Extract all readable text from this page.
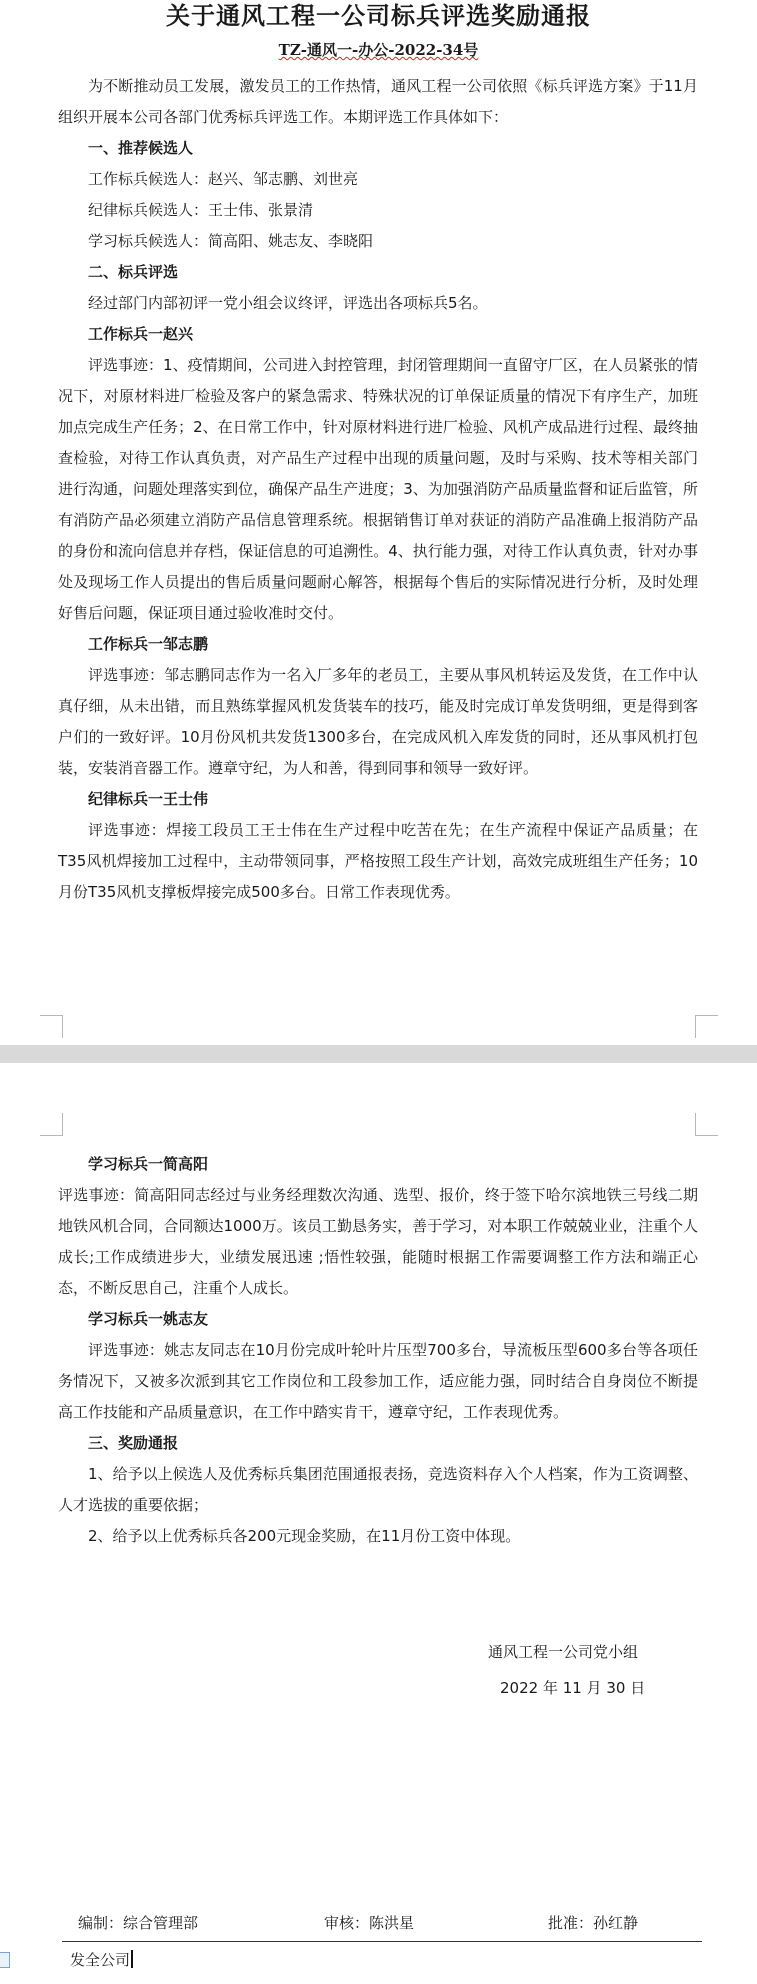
关于通风工程一公司标兵评选奖励通报
TZ-通风一-办公-2022-34号

为不断推动员工发展，激发员工的工作热情，通风工程一公司依照《标兵评选方案》于11月组织开展本公司各部门优秀标兵评选工作。本期评选工作具体如下：

一、推荐候选人

工作标兵候选人：赵兴、邹志鹏、刘世亮

纪律标兵候选人：王士伟、张景清

学习标兵候选人：简高阳、姚志友、李晓阳

二、标兵评选

经过部门内部初评一党小组会议终评，评选出各项标兵5名。

工作标兵一赵兴

评选事迹：1、疫情期间，公司进入封控管理，封闭管理期间一直留守厂区，在人员紧张的情况下，对原材料进厂检验及客户的紧急需求、特殊状况的订单保证质量的情况下有序生产，加班加点完成生产任务；2、在日常工作中，针对原材料进行进厂检验、风机产成品进行过程、最终抽查检验，对待工作认真负责，对产品生产过程中出现的质量问题，及时与采购、技术等相关部门进行沟通，问题处理落实到位，确保产品生产进度；3、为加强消防产品质量监督和证后监管，所有消防产品必须建立消防产品信息管理系统。根据销售订单对获证的消防产品准确上报消防产品的身份和流向信息并存档，保证信息的可追溯性。4、执行能力强，对待工作认真负责，针对办事处及现场工作人员提出的售后质量问题耐心解答，根据每个售后的实际情况进行分析，及时处理好售后问题，保证项目通过验收准时交付。

工作标兵一邹志鹏

评选事迹：邹志鹏同志作为一名入厂多年的老员工，主要从事风机转运及发货，在工作中认真仔细，从未出错，而且熟练掌握风机发货装车的技巧，能及时完成订单发货明细，更是得到客户们的一致好评。10月份风机共发货1300多台，在完成风机入库发货的同时，还从事风机打包装，安装消音器工作。遵章守纪，为人和善，得到同事和领导一致好评。

纪律标兵一王士伟

评选事迹：焊接工段员工王士伟在生产过程中吃苦在先；在生产流程中保证产品质量；在T35风机焊接加工过程中，主动带领同事，严格按照工段生产计划，高效完成班组生产任务；10月份T35风机支撑板焊接完成500多台。日常工作表现优秀。

学习标兵一简高阳

评选事迹：简高阳同志经过与业务经理数次沟通、选型、报价，终于签下哈尔滨地铁三号线二期地铁风机合同，合同额达1000万。该员工勤恳务实，善于学习，对本职工作兢兢业业，注重个人成长;工作成绩进步大，业绩发展迅速 ;悟性较强，能随时根据工作需要调整工作方法和端正心态，不断反思自己，注重个人成长。

学习标兵一姚志友

评选事迹：姚志友同志在10月份完成叶轮叶片压型700多台，导流板压型600多台等各项任务情况下，又被多次派到其它工作岗位和工段参加工作，适应能力强，同时结合自身岗位不断提高工作技能和产品质量意识，在工作中踏实肯干，遵章守纪，工作表现优秀。

三、奖励通报

1、给予以上候选人及优秀标兵集团范围通报表扬，竞选资料存入个人档案，作为工资调整、人才选拔的重要依据；

2、给予以上优秀标兵各200元现金奖励，在11月份工资中体现。

通风工程一公司党小组
2022 年 11 月 30 日
编制：综合管理部	审核：陈洪星	批准：孙红静
发全公司
